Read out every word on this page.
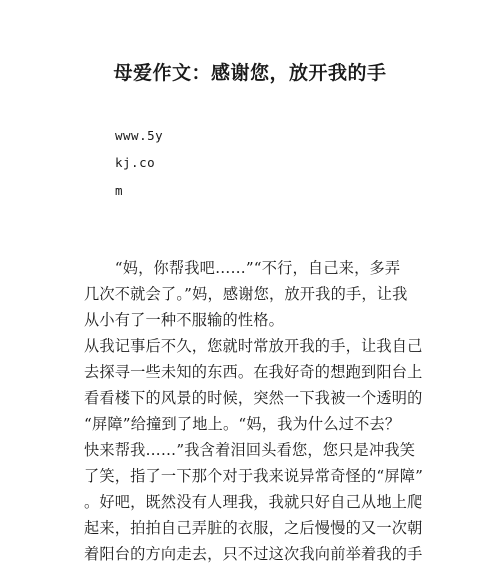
母爱作文：感谢您，放开我的手
www.5y
kj.co
m
　　“妈，你帮我吧……”“不行，自己来，多弄
几次不就会了。”妈，感谢您，放开我的手，让我
从小有了一种不服输的性格。
从我记事后不久，您就时常放开我的手，让我自己
去探寻一些未知的东西。在我好奇的想跑到阳台上
看看楼下的风景的时候，突然一下我被一个透明的
“屏障”给撞到了地上。“妈，我为什么过不去？
快来帮我……”我含着泪回头看您，您只是冲我笑
了笑，指了一下那个对于我来说异常奇怪的“屏障”
。好吧，既然没有人理我，我就只好自己从地上爬
起来，拍拍自己弄脏的衣服，之后慢慢的又一次朝
着阳台的方向走去，只不过这次我向前举着我的手
